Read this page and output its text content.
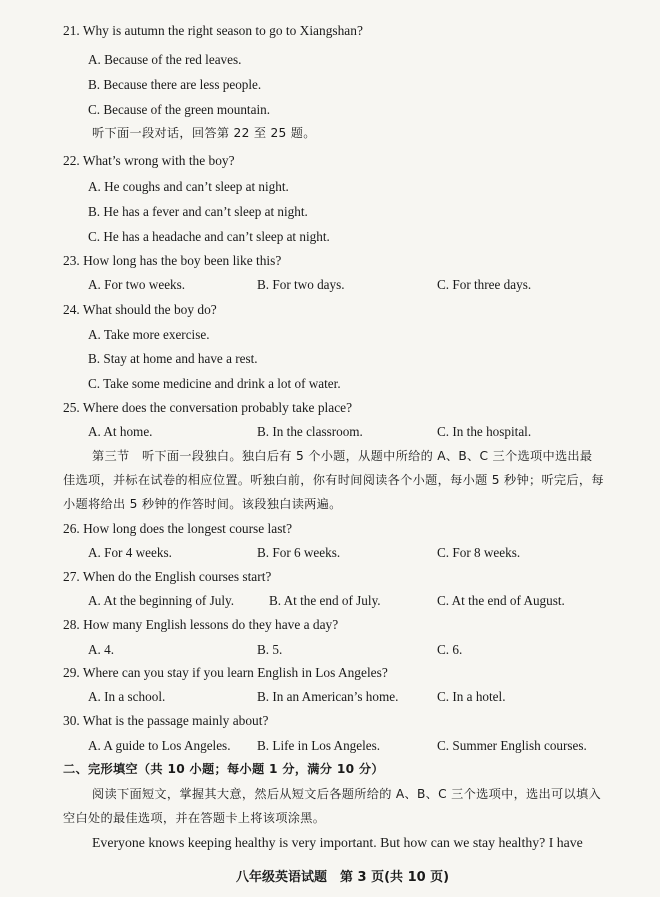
21. Why is autumn the right season to go to Xiangshan?
A. Because of the red leaves.
B. Because there are less people.
C. Because of the green mountain.
听下面一段对话，回答第 22 至 25 题。
22. What’s wrong with the boy?
A. He coughs and can’t sleep at night.
B. He has a fever and can’t sleep at night.
C. He has a headache and can’t sleep at night.
23. How long has the boy been like this?
A. For two weeks.	B. For two days.	C. For three days.
24. What should the boy do?
A. Take more exercise.
B. Stay at home and have a rest.
C. Take some medicine and drink a lot of water.
25. Where does the conversation probably take place?
A. At home.	B. In the classroom.	C. In the hospital.
第三节　听下面一段独白。独白后有 5 个小题，从题中所给的 A、B、C 三个选项中选出最
佳选项，并标在试卷的相应位置。听独白前，你有时间阅读各个小题，每小题 5 秒钟；听完后，每
小题将给出 5 秒钟的作答时间。该段独白读两遍。
26. How long does the longest course last?
A. For 4 weeks.	B. For 6 weeks.	C. For 8 weeks.
27. When do the English courses start?
A. At the beginning of July.	B. At the end of July.	C. At the end of August.
28. How many English lessons do they have a day?
A. 4.	B. 5.	C. 6.
29. Where can you stay if you learn English in Los Angeles?
A. In a school.	B. In an American’s home.	C. In a hotel.
30. What is the passage mainly about?
A. A guide to Los Angeles. B. Life in Los Angeles.	C. Summer English courses.
二、完形填空（共 10 小题；每小题 1 分，满分 10 分）
阅读下面短文，掌握其大意，然后从短文后各题所给的 A、B、C 三个选项中，选出可以填入
空白处的最佳选项，并在答题卡上将该项涂黑。
Everyone knows keeping healthy is very important. But how can we stay healthy? I have
八年级英语试题　第 3 页(共 10 页)
